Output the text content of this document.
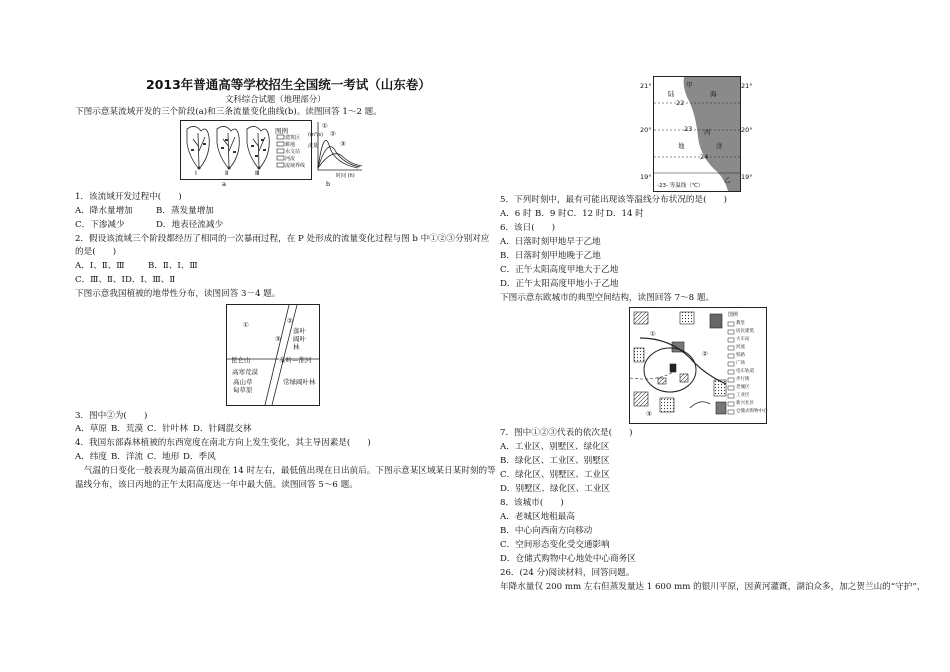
2013年普通高等学校招生全国统一考试（山东卷）
文科综合试题（地理部分）
下图示意某流域开发的三个阶段(a)和三条流量变化曲线(b)。读图回答 1～2 题。
Ⅰ	Ⅱ	Ⅲ
图例
建筑区
耕地
水文站
河流
流域界线
a
①
②
③
(m³/s)
流量
时间 (h)
b
1．该流域开发过程中(　　)
A．降水量增加	B．蒸发量增加
C．下渗减少	D．地表径流减少
2．假设该流域三个阶段都经历了相同的一次暴雨过程，在 P 处形成的流量变化过程与图 b 中①②③分别对应
的是(　　)
A．Ⅰ、Ⅱ、Ⅲ	B．Ⅱ、Ⅰ、Ⅲ
C．Ⅲ、Ⅱ、Ⅰ D．Ⅰ、Ⅲ、Ⅱ
下图示意我国植被的地带性分布，读图回答 3－4 题。
①	②
③
落叶阔叶林
昆仑山	秦岭—淮河
高寒荒漠
高山草
甸草原
常绿阔叶林
3．图中②为(　　)
A．草原 B．荒漠 C．针叶林 D．针阔混交林
4．我国东部森林植被的东西宽度在南北方向上发生变化，其主导因素是(　　)
A．纬度 B．洋流 C．地形 D．季风
气温的日变化一般表现为最高值出现在 14 时左右，最低值出现在日出前后。下图示意某区域某日某时刻的等
温线分布，该日丙地的正午太阳高度达一年中最大值。读图回答 5～6 题。
陆
地
海
洋
22
23
24
甲
丙
乙
-23- 等温线（℃）
21°	21°
20°	20°
19°	19°
5．下列时刻中，最有可能出现该等温线分布状况的是(　　)
A．6 时 B．9 时 C．12 时 D．14 时
6．该日(　　)
A．日落时刻甲地早于乙地
B．日落时刻甲地晚于乙地
C．正午太阳高度甲地大于乙地
D．正午太阳高度甲地小于乙地
下图示意东欧城市的典型空间结构，读图回答 7～8 题。
图例
教堂
居民建筑
大车站
河流
铁路
广场
电车轨道
步行街
老城区
工业区
新兴社区
仓储式购物中心
①
②
③
7．图中①②③代表的依次是(　　)
A．工业区、别墅区、绿化区
B．绿化区、工业区、别墅区
C．绿化区、别墅区、工业区
D．别墅区、绿化区、工业区
8．该城市(　　)
A．老城区地租最高
B．中心向西南方向移动
C．空间形态变化受交通影响
D．仓储式购物中心地处中心商务区
26．(24 分)阅读材料，回答问题。
年降水量仅 200 mm 左右但蒸发量达 1 600 mm 的银川平原，因黄河灌溉，湖泊众多，加之贺兰山的“守护”，
